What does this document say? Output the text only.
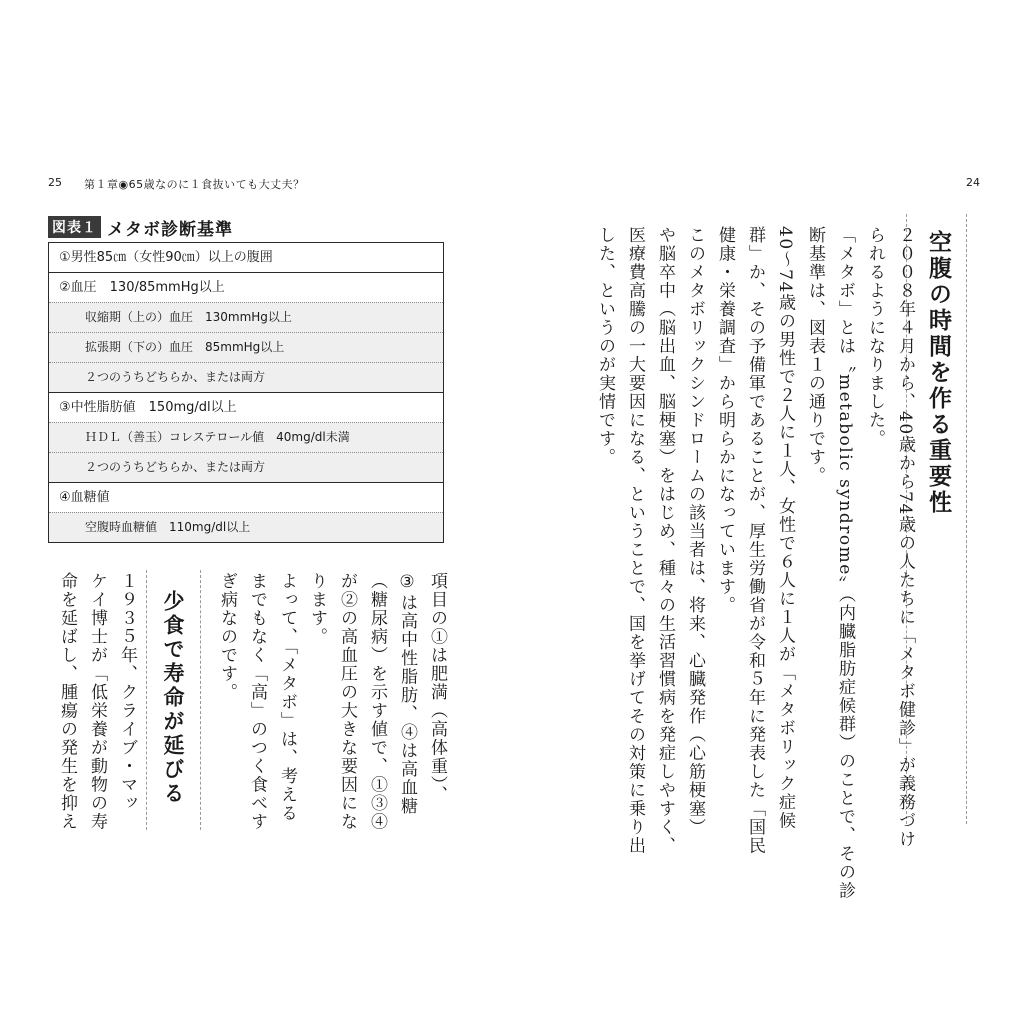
25 第１章◉65歳なのに１食抜いても大丈夫？	24
図表１ メタボ診断基準
①男性85㎝（女性90㎝）以上の腹囲
②血圧　130/85mmHg以上
収縮期（上の）血圧　130mmHg以上
拡張期（下の）血圧　85mmHg以上
２つのうちどちらか、または両方
③中性脂肪値　150mg/dl以上
ＨＤＬ（善玉）コレステロール値　40mg/dl未満
２つのうちどちらか、または両方
④血糖値
空腹時血糖値　110mg/dl以上
空腹の時間を作る重要性
２００８年４月から、40歳から74歳の人たちに「メタボ健診」が義務づけ
られるようになりました。
「メタボ」とは〝metabolic syndrome〟（内臓脂肪症候群）のことで、その診
断基準は、図表１の通りです。
40～74歳の男性で２人に１人、女性で６人に１人が「メタボリック症候
群」か、その予備軍であることが、厚生労働省が令和５年に発表した「国民
健康・栄養調査」から明らかになっています。
このメタボリックシンドロームの該当者は、将来、心臓発作（心筋梗塞）
や脳卒中（脳出血、脳梗塞）をはじめ、種々の生活習慣病を発症しやすく、
医療費高騰の一大要因になる、ということで、国を挙げてその対策に乗り出
した、というのが実情です。
項目の①は肥満（高体重）、
③は高中性脂肪、④は高血糖
（糖尿病）を示す値で、①③④
が②の高血圧の大きな要因にな
ります。
よって、「メタボ」は、考える
までもなく「高」のつく食べす
ぎ病なのです。
少食で寿命が延びる
１９３５年、クライブ・マッ
ケイ博士が「低栄養が動物の寿
命を延ばし、腫瘍の発生を抑え
